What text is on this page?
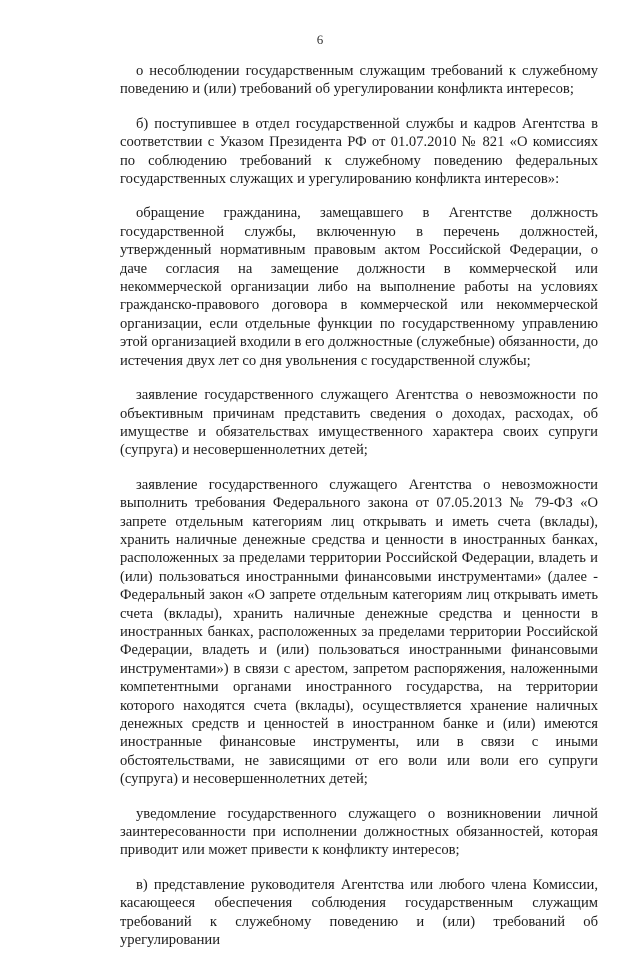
6

о несоблюдении государственным служащим требований к служебному поведению и (или) требований об урегулировании конфликта интересов;

б) поступившее в отдел государственной службы и кадров Агентства в соответствии с Указом Президента РФ от 01.07.2010 № 821 «О комиссиях по соблюдению требований к служебному поведению федеральных государственных служащих и урегулированию конфликта интересов»:

обращение гражданина, замещавшего в Агентстве должность государственной службы, включенную в перечень должностей, утвержденный нормативным правовым актом Российской Федерации, о даче согласия на замещение должности в коммерческой или некоммерческой организации либо на выполнение работы на условиях гражданско-правового договора в коммерческой или некоммерческой организации, если отдельные функции по государственному управлению этой организацией входили в его должностные (служебные) обязанности, до истечения двух лет со дня увольнения с государственной службы;

заявление государственного служащего Агентства о невозможности по объективным причинам представить сведения о доходах, расходах, об имуществе и обязательствах имущественного характера своих супруги (супруга) и несовершеннолетних детей;

заявление государственного служащего Агентства о невозможности выполнить требования Федерального закона от 07.05.2013 № 79-ФЗ «О запрете отдельным категориям лиц открывать и иметь счета (вклады), хранить наличные денежные средства и ценности в иностранных банках, расположенных за пределами территории Российской Федерации, владеть и (или) пользоваться иностранными финансовыми инструментами» (далее - Федеральный закон «О запрете отдельным категориям лиц открывать иметь счета (вклады), хранить наличные денежные средства и ценности в иностранных банках, расположенных за пределами территории Российской Федерации, владеть и (или) пользоваться иностранными финансовыми инструментами») в связи с арестом, запретом распоряжения, наложенными компетентными органами иностранного государства, на территории которого находятся счета (вклады), осуществляется хранение наличных денежных средств и ценностей в иностранном банке и (или) имеются иностранные финансовые инструменты, или в связи с иными обстоятельствами, не зависящими от его воли или воли его супруги (супруга) и несовершеннолетних детей;

уведомление государственного служащего о возникновении личной заинтересованности при исполнении должностных обязанностей, которая приводит или может привести к конфликту интересов;

в) представление руководителя Агентства или любого члена Комиссии, касающееся обеспечения соблюдения государственным служащим требований к служебному поведению и (или) требований об урегулировании
